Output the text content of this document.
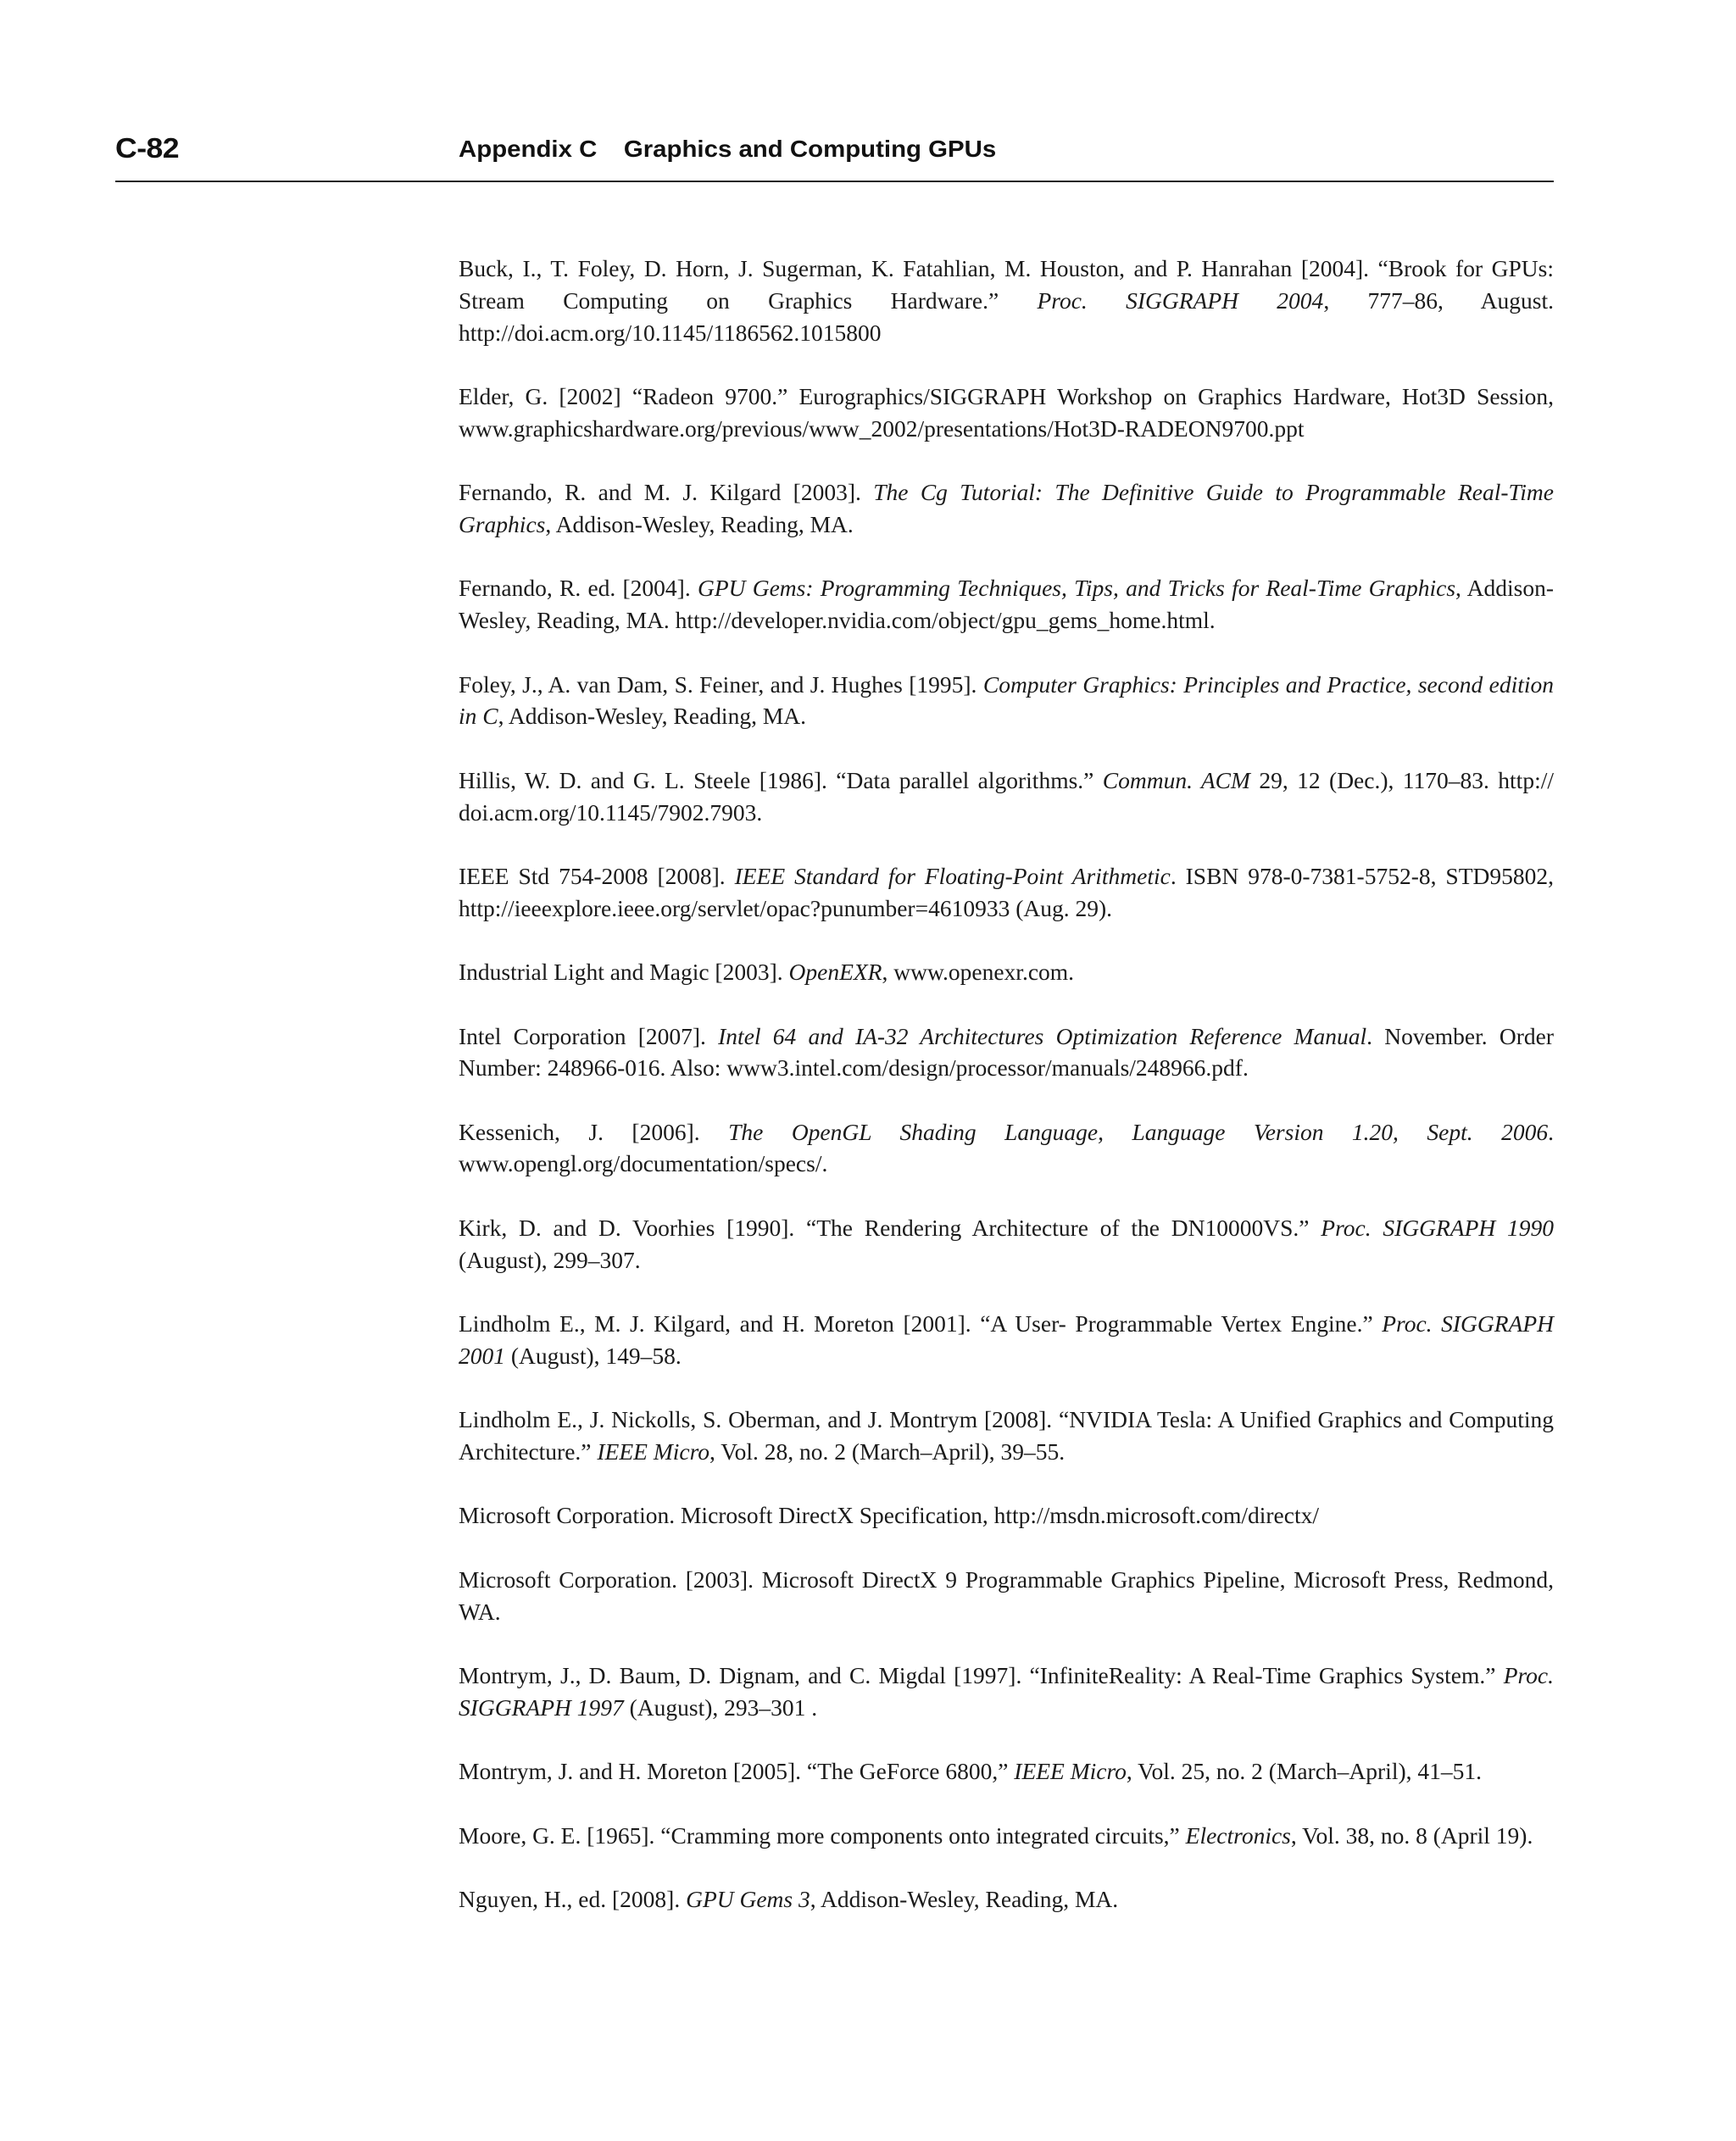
C-82	Appendix C Graphics and Computing GPUs

Buck, I., T. Foley, D. Horn, J. Sugerman, K. Fatahlian, M. Houston, and P. Hanrahan [2004]. “Brook for GPUs: Stream Computing on Graphics Hardware.” Proc. SIGGRAPH 2004, 777–86, August. http://doi.acm.org/10.1145/1186562.1015800

Elder, G. [2002] “Radeon 9700.” Eurographics/SIGGRAPH Workshop on Graphics Hardware, Hot3D Session, www.graphicshardware.org/previous/www_2002/presentations/Hot3D-RADEON9700.ppt

Fernando, R. and M. J. Kilgard [2003]. The Cg Tutorial: The Definitive Guide to Programmable Real-Time Graphics, Addison-Wesley, Reading, MA.

Fernando, R. ed. [2004]. GPU Gems: Programming Techniques, Tips, and Tricks for Real-Time Graphics, Addison-Wesley, Reading, MA. http://developer.nvidia.com/object/gpu_gems_home.html.

Foley, J., A. van Dam, S. Feiner, and J. Hughes [1995]. Computer Graphics: Principles and Practice, second edition in C, Addison-Wesley, Reading, MA.

Hillis, W. D. and G. L. Steele [1986]. “Data parallel algorithms.” Commun. ACM 29, 12 (Dec.), 1170–83. http:// doi.acm.org/10.1145/7902.7903.

IEEE Std 754-2008 [2008]. IEEE Standard for Floating-Point Arithmetic. ISBN 978-0-7381-5752-8, STD95802, http://ieeexplore.ieee.org/servlet/opac?punumber=4610933 (Aug. 29).

Industrial Light and Magic [2003]. OpenEXR, www.openexr.com.

Intel Corporation [2007]. Intel 64 and IA-32 Architectures Optimization Reference Manual. November. Order Number: 248966-016. Also: www3.intel.com/design/processor/manuals/248966.pdf.

Kessenich, J. [2006]. The OpenGL Shading Language, Language Version 1.20, Sept. 2006. www.opengl.org/documentation/specs/.

Kirk, D. and D. Voorhies [1990]. “The Rendering Architecture of the DN10000VS.” Proc. SIGGRAPH 1990 (August), 299–307.

Lindholm E., M. J. Kilgard, and H. Moreton [2001]. “A User- Programmable Vertex Engine.” Proc. SIGGRAPH 2001 (August), 149–58.

Lindholm E., J. Nickolls, S. Oberman, and J. Montrym [2008]. “NVIDIA Tesla: A Unified Graphics and Computing Architecture.” IEEE Micro, Vol. 28, no. 2 (March–April), 39–55.

Microsoft Corporation. Microsoft DirectX Specification, http://msdn.microsoft.com/directx/

Microsoft Corporation. [2003]. Microsoft DirectX 9 Programmable Graphics Pipeline, Microsoft Press, Redmond, WA.

Montrym, J., D. Baum, D. Dignam, and C. Migdal [1997]. “InfiniteReality: A Real-Time Graphics System.” Proc. SIGGRAPH 1997 (August), 293–301 .

Montrym, J. and H. Moreton [2005]. “The GeForce 6800,” IEEE Micro, Vol. 25, no. 2 (March–April), 41–51.

Moore, G. E. [1965]. “Cramming more components onto integrated circuits,” Electronics, Vol. 38, no. 8 (April 19).

Nguyen, H., ed. [2008]. GPU Gems 3, Addison-Wesley, Reading, MA.
